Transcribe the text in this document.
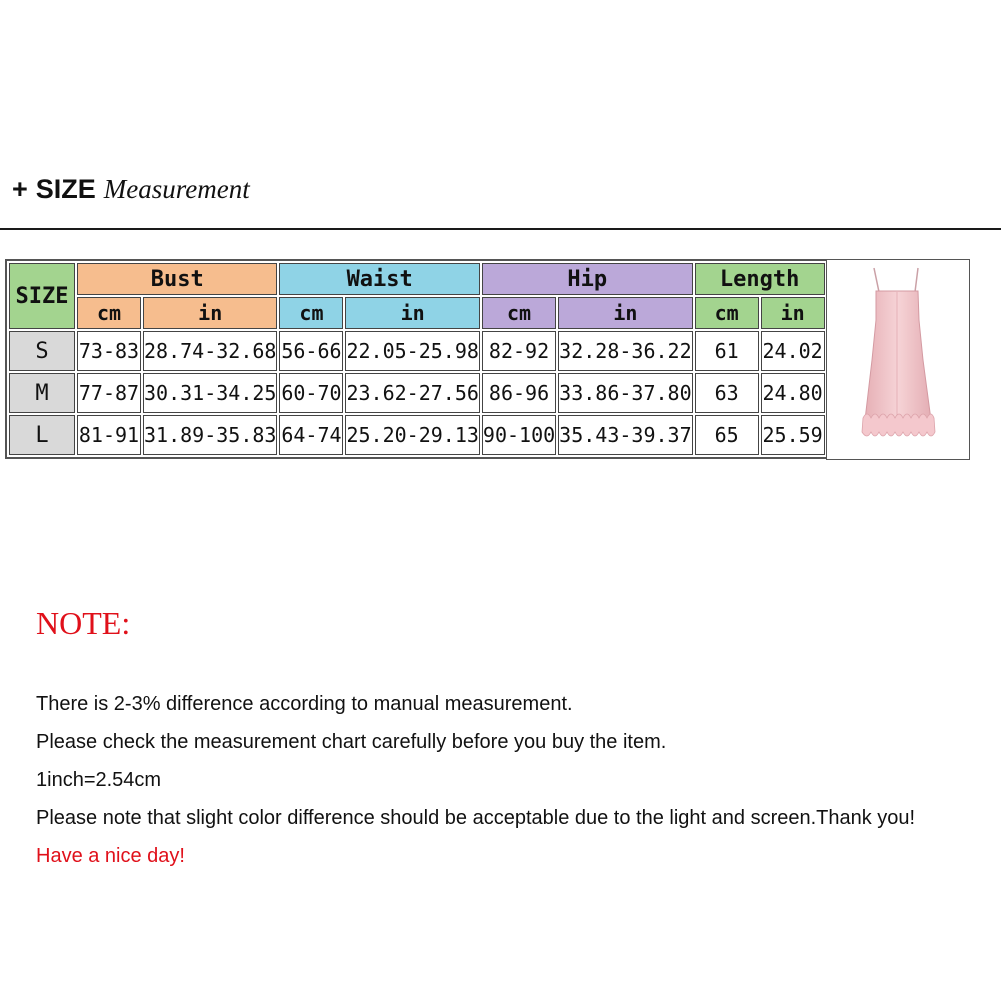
+ SIZE Measurement
SIZE	Bust		Waist		Hip		Length	
	cm	in	cm	in	cm	in	cm	in
S	73-83	28.74-32.68	56-66	22.05-25.98	82-92	32.28-36.22	61	24.02
M	77-87	30.31-34.25	60-70	23.62-27.56	86-96	33.86-37.80	63	24.80
L	81-91	31.89-35.83	64-74	25.20-29.13	90-100	35.43-39.37	65	25.59
NOTE:
There is 2-3% difference according to manual measurement.
Please check the measurement chart carefully before you buy the item.
1inch=2.54cm
Please note that slight color difference should be acceptable due to the light and screen.Thank you!
Have a nice day!
